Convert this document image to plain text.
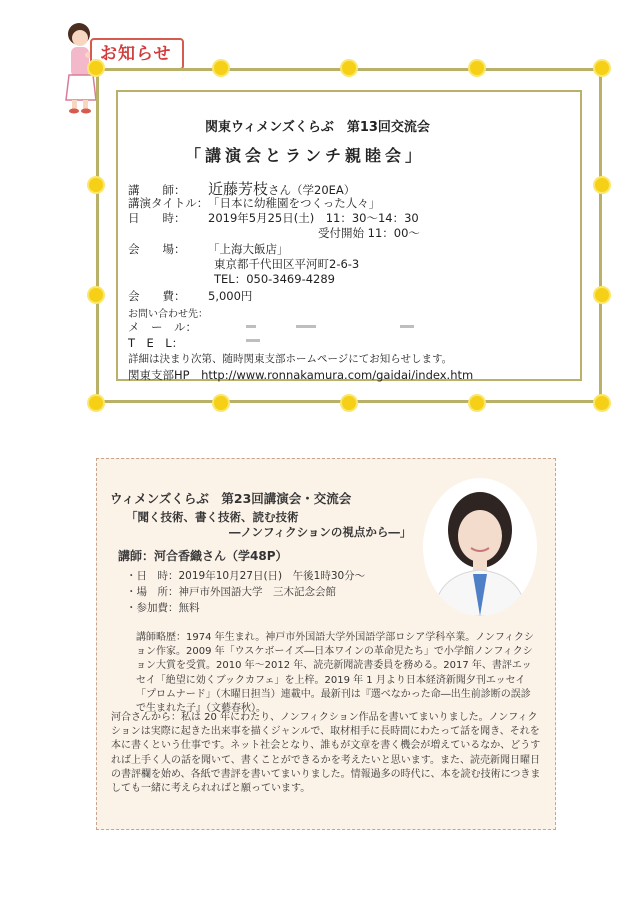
お知らせ
関東ウィメンズくらぶ　第13回交流会
「講演会とランチ親睦会」
講　　師： 近藤芳枝さん（学20EA）
講演タイトル：「日本に幼稚園をつくった人々」
日　　時： 2019年5月25日(土)　11：30～14：30
受付開始 11：00～
会　　場： 「上海大飯店」
東京都千代田区平河町2-6-3
TEL：050-3469-4289
会　　費： 5,000円
お問い合わせ先：
メ　ー　ル：
T　E　L：
詳細は決まり次第、随時関東支部ホームページにてお知らせします。
関東支部HP　 http://www.ronnakamura.com/gaidai/index.htm
ウィメンズくらぶ　第23回講演会・交流会
「聞く技術、書く技術、読む技術
―ノンフィクションの視点から―」
講師：河合香織さん（学48P）
・日　時：2019年10月27日(日)　午後1時30分～
・場　所：神戸市外国語大学　三木記念会館
・参加費：無料
講師略歴：1974 年生まれ。神戸市外国語大学外国語学部ロシア学科卒業。ノンフィクション作家。2009 年「ウスケボーイズ―日本ワインの革命児たち」で小学館ノンフィクション大賞を受賞。2010 年～2012 年、読売新聞読書委員を務める。2017 年、書評エッセイ「絶望に効くブックカフェ」を上梓。2019 年 1 月より日本経済新聞夕刊エッセイ「プロムナード」（木曜日担当）連載中。最新刊は『選べなかった命―出生前診断の誤診で生まれた子』（文藝春秋）。
河合さんから：私は 20 年にわたり、ノンフィクション作品を書いてまいりました。ノンフィクションは実際に起きた出来事を描くジャンルで、取材相手に長時間にわたって話を聞き、それを本に書くという仕事です。ネット社会となり、誰もが文章を書く機会が増えているなか、どうすれば上手く人の話を聞いて、書くことができるかを考えたいと思います。また、読売新聞日曜日の書評欄を始め、各紙で書評を書いてまいりました。情報過多の時代に、本を読む技術につきましても一緒に考えられればと願っています。
